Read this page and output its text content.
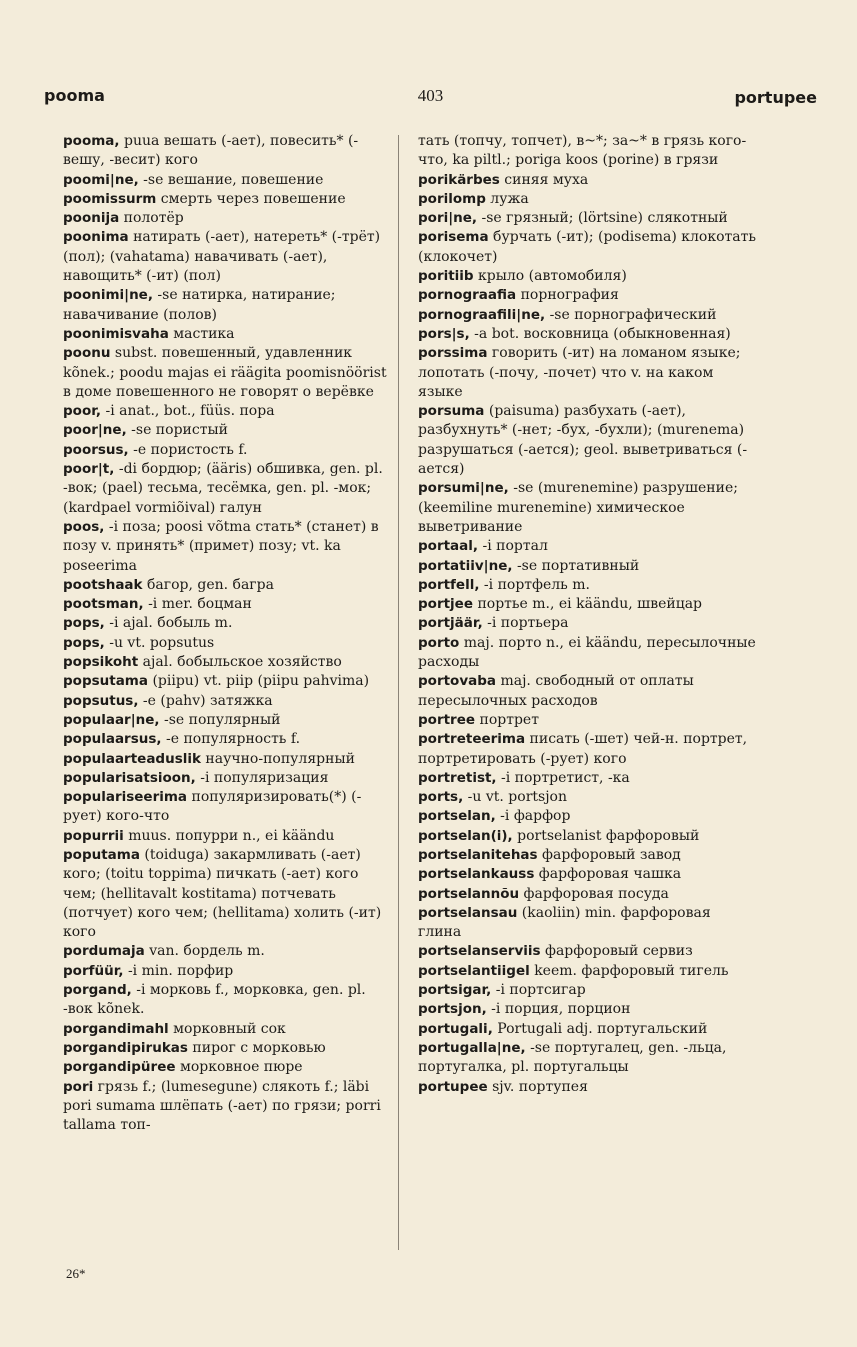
pooma	403	portupee

pooma, puua вешать (-ает), повесить* (-вешу, -весит) кого

poomi|ne, -se вешание, повешение

poomissurm смерть через повешение

poonija полотёр

poonima натирать (-ает), натереть* (-трёт) (пол); (vahatama) навачивать (-ает), навощить* (-ит) (пол)

poonimi|ne, -se натирка, натирание; навачивание (полов)

poonimisvaha мастика

poonu subst. повешенный, удавленник kõnek.; poodu majas ei räägita poomisnöörist в доме повешенного не говорят о верёвке

poor, -i anat., bot., füüs. пора

poor|ne, -se пористый

poorsus, -e пористость f.

poor|t, -di бордюр; (ääris) обшивка, gen. pl. -вок; (pael) тесьма, тесёмка, gen. pl. -мок; (kardpael vormiõival) галун

poos, -i поза; poosi võtma стать* (станет) в позу v. принять* (примет) позу; vt. ka poseerima

pootshaak багор, gen. багра

pootsman, -i mer. боцман

pops, -i ajal. бобыль m.

pops, -u vt. popsutus

popsikoht ajal. бобыльское хозяйство

popsutama (piipu) vt. piip (piipu pahvima)

popsutus, -e (pahv) затяжка

populaar|ne, -se популярный

populaarsus, -e популярность f.

populaarteaduslik научно-популярный

popularisatsioon, -i популяризация

populariseerima популяризировать(*) (-рует) кого-что

popurrii muus. попурри n., ei käändu

poputama (toiduga) закармливать (-ает) кого; (toitu toppima) пичкать (-ает) кого чем; (hellitavalt kostitama) потчевать (потчует) кого чем; (hellitama) холить (-ит) кого

pordumaja van. бордель m.

porfüür, -i min. порфир

porgand, -i морковь f., морковка, gen. pl. -вок kõnek.

porgandimahl морковный сок

porgandipirukas пирог с морковью

porgandipüree морковное пюре

pori грязь f.; (lumesegune) слякоть f.; läbi pori sumama шлёпать (-ает) по грязи; porri tallama топ-

тать (топчу, топчет), в~*; за~* в грязь кого-что, ka piltl.; poriga koos (porine) в грязи

porikärbes синяя муха

porilomp лужа

pori|ne, -se грязный; (lörtsine) слякотный

porisema бурчать (-ит); (podisema) клокотать (клокочет)

poritiib крыло (автомобиля)

pornograafia порнография

pornograafili|ne, -se порнографический

pors|s, -a bot. восковница (обыкновенная)

porssima говорить (-ит) на ломаном языке; лопотать (-почу, -почет) что v. на каком языке

porsuma (paisuma) разбухать (-ает), разбухнуть* (-нет; -бух, -бухли); (murenema) разрушаться (-ается); geol. выветриваться (-ается)

porsumi|ne, -se (murenemine) разрушение; (keemiline murenemine) химическое выветривание

portaal, -i портал

portatiiv|ne, -se портативный

portfell, -i портфель m.

portjee портье m., ei käändu, швейцар

portjäär, -i портьера

porto maj. порто n., ei käändu, пересылочные расходы

portovaba maj. свободный от оплаты пересылочных расходов

portree портрет

portreteerima писать (-шет) чей-н. портрет, портретировать (-рует) кого

portretist, -i портретист, -ка

ports, -u vt. portsjon

portselan, -i фарфор

portselan(i), portselanist фарфоровый

portselanitehas фарфоровый завод

portselankauss фарфоровая чашка

portselannõu фарфоровая посуда

portselansau (kaoliin) min. фарфоровая глина

portselanserviis фарфоровый сервиз

portselantiigel keem. фарфоровый тигель

portsigar, -i портсигар

portsjon, -i порция, порцион

portugali, Portugali adj. португальский

portugalla|ne, -se португалец, gen. -льца, португалка, pl. португальцы

portupee sjv. портупея

26*
